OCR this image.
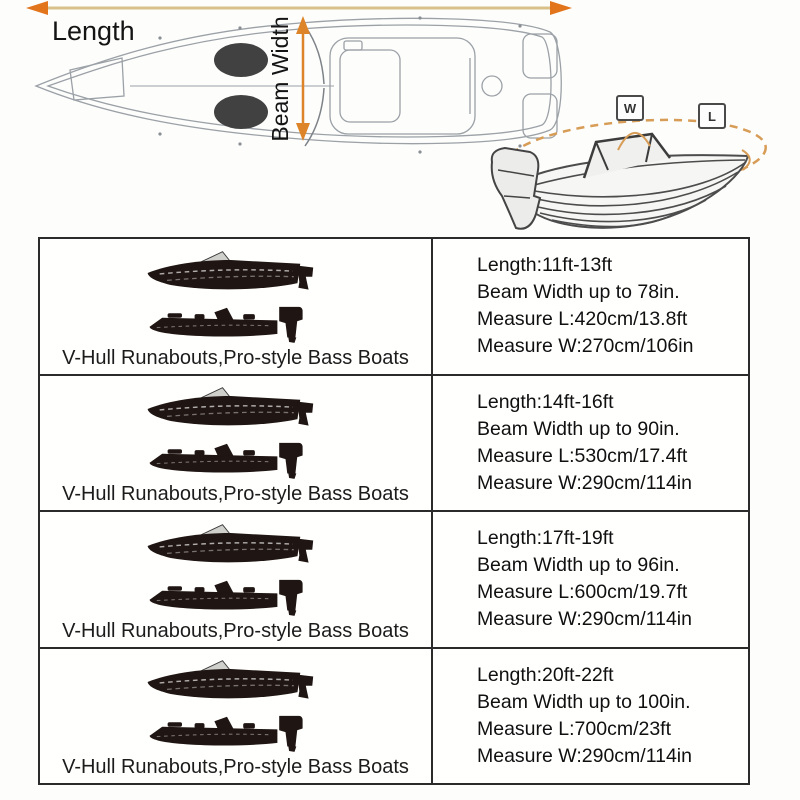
Length	Beam Width	W
L
V-Hull Runabouts,Pro-style Bass Boats
Length:11ft-13ft
Beam Width up to 78in.
Measure L:420cm/13.8ft
Measure W:270cm/106in
V-Hull Runabouts,Pro-style Bass Boats
Length:14ft-16ft
Beam Width up to 90in.
Measure L:530cm/17.4ft
Measure W:290cm/114in
V-Hull Runabouts,Pro-style Bass Boats
Length:17ft-19ft
Beam Width up to 96in.
Measure L:600cm/19.7ft
Measure W:290cm/114in
V-Hull Runabouts,Pro-style Bass Boats
Length:20ft-22ft
Beam Width up to 100in.
Measure L:700cm/23ft
Measure W:290cm/114in
